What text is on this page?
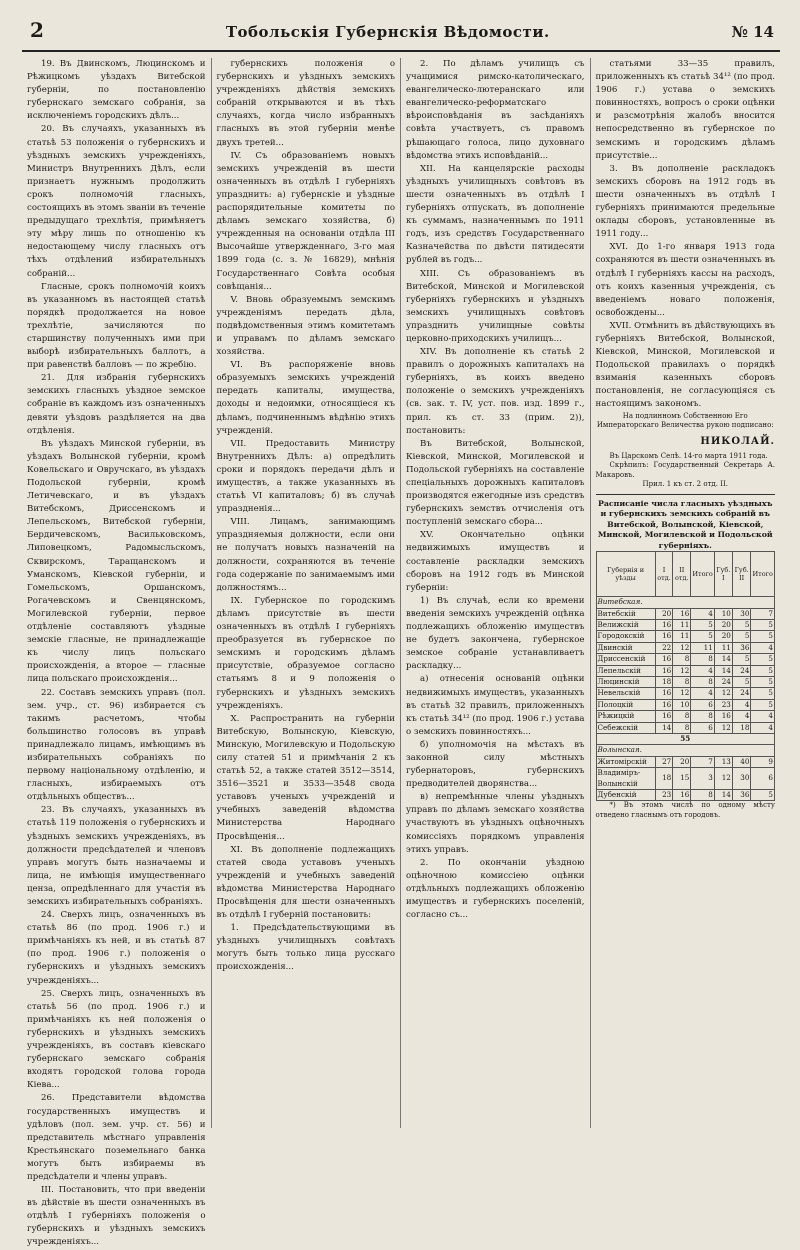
2	Тобольскія Губернскія Вѣдомости.	№ 14

19. Въ Двинскомъ, Люцинскомъ и Рѣжицкомъ уѣздахъ Витебской губерніи, по постановленію губернскаго земскаго собранія, за исключеніемъ городскихъ дѣлъ...

20. Въ случаяхъ, указанныхъ въ статьѣ 53 положенія о губернскихъ и уѣздныхъ земскихъ учрежденіяхъ, Министръ Внутреннихъ Дѣлъ, если признаетъ нужнымъ продолжить срокъ полномочій гласныхъ, состоящихъ въ этомъ званіи въ теченіе предыдущаго трехлѣтія, примѣняетъ эту мѣру лишь по отношенію къ недостающему числу гласныхъ отъ тѣхъ отдѣлений избирательныхъ собраній...

Гласные, срокъ полномочій коихъ въ указанномъ въ настоящей статьѣ порядкѣ продолжается на новое трехлѣтіе, зачисляются по старшинству полученныхъ ими при выборѣ избирательныхъ баллотъ, а при равенствѣ балловъ — по жребію.

21. Для избранія губернскихъ земскихъ гласныхъ уѣздное земское собраніе въ каждомъ изъ означенныхъ девяти уѣздовъ раздѣляется на два отдѣленія.

Въ уѣздахъ Минской губерніи, въ уѣздахъ Волынской губерніи, кромѣ Ковельскаго и Овручскаго, въ уѣздахъ Подольской губерніи, кромѣ Летичевскаго, и въ уѣздахъ Витебскомъ, Дриссенскомъ и Лепельскомъ, Витебской губерніи, Бердичевскомъ, Васильковскомъ, Липовецкомъ, Радомысльскомъ, Сквирскомъ, Таращанскомъ и Уманскомъ, Кіевской губерніи, и Гомельскомъ, Оршанскомъ, Рогачевскомъ и Свенцянскомъ, Могилевской губерніи, первое отдѣленіе составляютъ уѣздные земскіе гласные, не принадлежащіе къ числу лицъ польскаго происхожденія, а второе — гласные лица польскаго происхожденія...

22. Составъ земскихъ управъ (пол. зем. учр., ст. 96) избирается съ такимъ расчетомъ, чтобы большинство голосовъ въ управѣ принадлежало лицамъ, имѣющимъ въ избирательныхъ собраніяхъ по первому національному отдѣленію, и гласныхъ, избираемыхъ отъ отдѣльныхъ обществъ...

23. Въ случаяхъ, указанныхъ въ статьѣ 119 положенія о губернскихъ и уѣздныхъ земскихъ учрежденіяхъ, въ должности предсѣдателей и членовъ управъ могутъ быть назначаемы и лица, не имѣющія имущественнаго ценза, опредѣленнаго для участія въ земскихъ избирательныхъ собраніяхъ.

24. Сверхъ лицъ, означенныхъ въ статьѣ 86 (по прод. 1906 г.) и примѣчаніяхъ къ ней, и въ статьѣ 87 (по прод. 1906 г.) положенія о губернскихъ и уѣздныхъ земскихъ учрежденіяхъ...

25. Сверхъ лицъ, означенныхъ въ статьѣ 56 (по прод. 1906 г.) и примѣчаніяхъ къ ней положенія о губернскихъ и уѣздныхъ земскихъ учрежденіяхъ, въ составъ кіевскаго губернскаго земскаго собранія входятъ городской голова города Кіева...

26. Представители вѣдомства государственныхъ имуществъ и удѣловъ (пол. зем. учр. ст. 56) и представитель мѣстнаго управленія Крестьянскаго поземельнаго банка могутъ быть избираемы въ предсѣдатели и члены управъ.

III. Постановить, что при введеніи въ дѣйствіе въ шести означенныхъ въ отдѣлѣ I губерніяхъ положенія о губернскихъ и уѣздныхъ земскихъ учрежденіяхъ...

губернскихъ положенія о губернскихъ и уѣздныхъ земскихъ учрежденіяхъ дѣйствія земскихъ собраній открываются и въ тѣхъ случаяхъ, когда число избранныхъ гласныхъ въ этой губерніи менѣе двухъ третей...

IV. Съ образованіемъ новыхъ земскихъ учрежденій въ шести означенныхъ въ отдѣлѣ I губерніяхъ упразднить: а) губернскіе и уѣздные распорядительные комитеты по дѣламъ земскаго хозяйства, б) учрежденныя на основаніи отдѣла III Высочайше утвержденнаго, 3-го мая 1899 года (с. з. № 16829), мнѣнія Государственнаго Совѣта особыя совѣщанія...

V. Вновь образуемымъ земскимъ учрежденіямъ передать дѣла, подвѣдомственныя этимъ комитетамъ и управамъ по дѣламъ земскаго хозяйства.

VI. Въ распоряженіе вновь образуемыхъ земскихъ учрежденій передать капиталы, имущества, доходы и недоимки, относящіеся къ дѣламъ, подчиненнымъ вѣдѣнію этихъ учрежденій.

VII. Предоставить Министру Внутреннихъ Дѣлъ: а) опредѣлить сроки и порядокъ передачи дѣлъ и имуществъ, а также указанныхъ въ статьѣ VI капиталовъ; б) въ случаѣ упраздненія...

VIII. Лицамъ, занимающимъ упраздняемыя должности, если они не получатъ новыхъ назначеній на должности, сохраняются въ теченіе года содержаніе по занимаемымъ ими должностямъ...

IX. Губернское по городскимъ дѣламъ присутствіе въ шести означенныхъ въ отдѣлѣ I губерніяхъ преобразуется въ губернское по земскимъ и городскимъ дѣламъ присутствіе, образуемое согласно статьямъ 8 и 9 положенія о губернскихъ и уѣздныхъ земскихъ учрежденіяхъ.

X. Распространить на губерніи Витебскую, Волынскую, Кіевскую, Минскую, Могилевскую и Подольскую силу статей 51 и примѣчанія 2 къ статьѣ 52, а также статей 3512—3514, 3516—3521 и 3533—3548 свода уставовъ ученыхъ учрежденій и учебныхъ заведеній вѣдомства Министерства Народнаго Просвѣщенія...

XI. Въ дополненіе подлежащихъ статей свода уставовъ ученыхъ учрежденій и учебныхъ заведеній вѣдомства Министерства Народнаго Просвѣщенія для шести означенныхъ въ отдѣлѣ I губерній постановить:

1. Предсѣдательствующими въ уѣздныхъ училищныхъ совѣтахъ могутъ быть только лица русскаго происхожденія...

2. По дѣламъ училищъ съ учащимися римско-католическаго, евангелическо-лютеранскаго или евангелическо-реформатскаго вѣроисповѣданія въ засѣданіяхъ совѣта участвуетъ, съ правомъ рѣшающаго голоса, лицо духовнаго вѣдомства этихъ исповѣданій...

XII. На канцелярскіе расходы уѣздныхъ училищныхъ совѣтовъ въ шести означенныхъ въ отдѣлѣ I губерніяхъ отпускать, въ дополненіе къ суммамъ, назначеннымъ по 1911 годъ, изъ средствъ Государственнаго Казначейства по двѣсти пятидесяти рублей въ годъ...

XIII. Съ образованіемъ въ Витебской, Минской и Могилевской губерніяхъ губернскихъ и уѣздныхъ земскихъ училищныхъ совѣтовъ упразднить училищные совѣты церковно-приходскихъ училищъ...

XIV. Въ дополненіе къ статьѣ 2 правилъ о дорожныхъ капиталахъ на губерніяхъ, въ коихъ введено положеніе о земскихъ учрежденіяхъ (св. зак. т. IV, уст. пов. изд. 1899 г., прил. къ ст. 33 (прим. 2)), постановить:

Въ Витебской, Волынской, Кіевской, Минской, Могилевской и Подольской губерніяхъ на составленіе спеціальныхъ дорожныхъ капиталовъ производятся ежегодные изъ средствъ губернскихъ земствъ отчисленія отъ поступленій земскаго сбора...

XV. Окончательно оцѣнки недвижимыхъ имуществъ и составленіе раскладки земскихъ сборовъ на 1912 годъ въ Минской губерніи:

1) Въ случаѣ, если ко времени введенія земскихъ учрежденій оцѣнка подлежащихъ обложенію имуществъ не будетъ закончена, губернское земское собраніе устанавливаетъ раскладку...

а) отнесенія основаній оцѣнки недвижимыхъ имуществъ, указанныхъ въ статьѣ 32 правилъ, приложенныхъ къ статьѣ 34¹² (по прод. 1906 г.) устава о земскихъ повинностяхъ...

б) уполномочія на мѣстахъ въ законной силу мѣстныхъ губернаторовъ, губернскихъ предводителей дворянства...

в) непремѣнные члены уѣздныхъ управъ по дѣламъ земскаго хозяйства участвуютъ въ уѣздныхъ оцѣночныхъ комиссіяхъ порядкомъ управленія этихъ управъ.

2. По окончаніи уѣздною оцѣночною комиссіею оцѣнки отдѣльныхъ подлежащихъ обложенію имуществъ и губернскихъ поселеній, согласно съ...

статьями 33—35 правилъ, приложенныхъ къ статьѣ 34¹² (по прод. 1906 г.) устава о земскихъ повинностяхъ, вопросъ о сроки оцѣнки и разсмотрѣнія жалобъ вносится непосредственно въ губернское по земскимъ и городскимъ дѣламъ присутствіе...

3. Въ дополненіе раскладокъ земскихъ сборовъ на 1912 годъ въ шести означенныхъ въ отдѣлѣ I губерніяхъ принимаются предельные оклады сборовъ, установленные въ 1911 году...

XVI. До 1-го января 1913 года сохраняются въ шести означенныхъ въ отдѣлѣ I губерніяхъ кассы на расходъ, отъ коихъ казенныя учрежденія, съ введеніемъ новаго положенія, освобождены...

XVII. Отмѣнить въ дѣйствующихъ въ губерніяхъ Витебской, Волынской, Кіевской, Минской, Могилевской и Подольской правилахъ о порядкѣ взиманія казенныхъ сборовъ постановленія, не согласующіяся съ настоящимъ закономъ.

На подлинномъ Собственною Его Императорскаго Величества рукою подписано:

НИКОЛАЙ.

Въ Царскомъ Селѣ. 14-го марта 1911 года.

Скрѣпилъ: Государственный Секретарь А. Макаровъ.

Прил. 1 къ ст. 2 отд. II.

Расписаніе числа гласныхъ уѣздныхъ и губернскихъ земскихъ собраній въ Витебской, Волынской, Кіевской, Минской, Могилевской и Подольской губерніяхъ.
Губернія и уѣзды	I отд.	II отд.	Итого	Губ. I	Губ. II	Итого
Витебская.						
Витебскій	20	16	4	10	30	7
Велижскій	16	11	5	20	5	5
Городокскій	16	11	5	20	5	5
Двинскій	22	12	11	11	36	4
Дриссенскій	16	8	8	14	5	5
Лепельскій	16	12	4	14	24	5
Люцинскій	18	8	8	24	5	5
Невельскій	16	12	4	12	24	5
Полоцкій	16	10	6	23	4	5
Рѣжицкій	16	8	8	16	4	4
Себежскій	14	8	6	12	18	4
55						
Волынская.						
Житомірскій	27	20	7	13	40	9
Владиміръ-Волынскій	18	15	3	12	30	6
Дубенскій	23	16	8	14	36	5

*) Въ этомъ числѣ по одному мѣсту отведено гласнымъ отъ городовъ.
